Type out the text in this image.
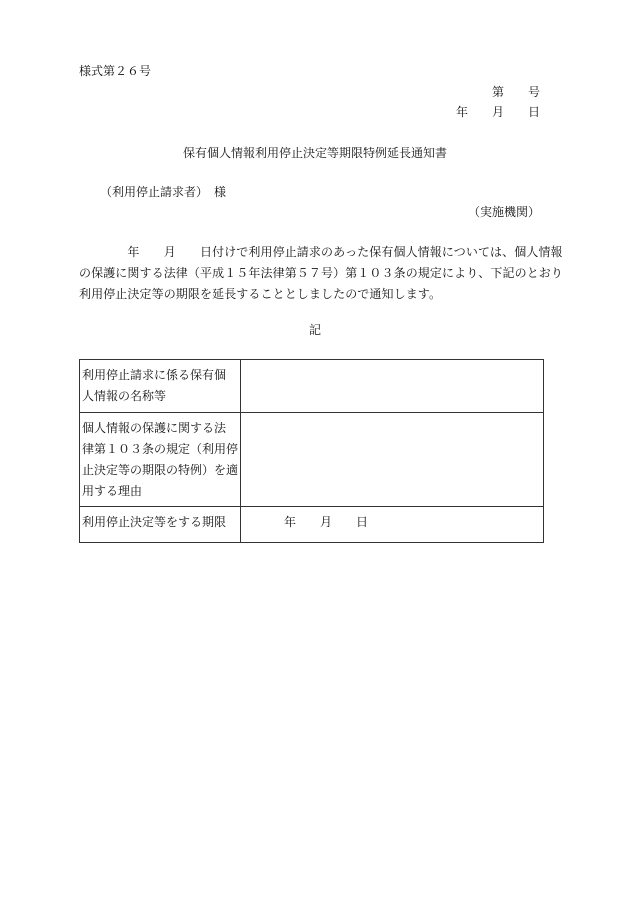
様式第２６号
第　　号
年　　月　　日
保有個人情報利用停止決定等期限特例延長通知書
（利用停止請求者）　様
（実施機関）
　　　　年　　月　　日付けで利用停止請求のあった保有個人情報については、個人情報
の保護に関する法律（平成１５年法律第５７号）第１０３条の規定により、下記のとおり
利用停止決定等の期限を延長することとしましたので通知します。
記
利用停止請求に係る保有個
人情報の名称等	

個人情報の保護に関する法
律第１０３条の規定（利用停
止決定等の期限の特例）を適
用する理由	

利用停止決定等をする期限	年　　月　　日
